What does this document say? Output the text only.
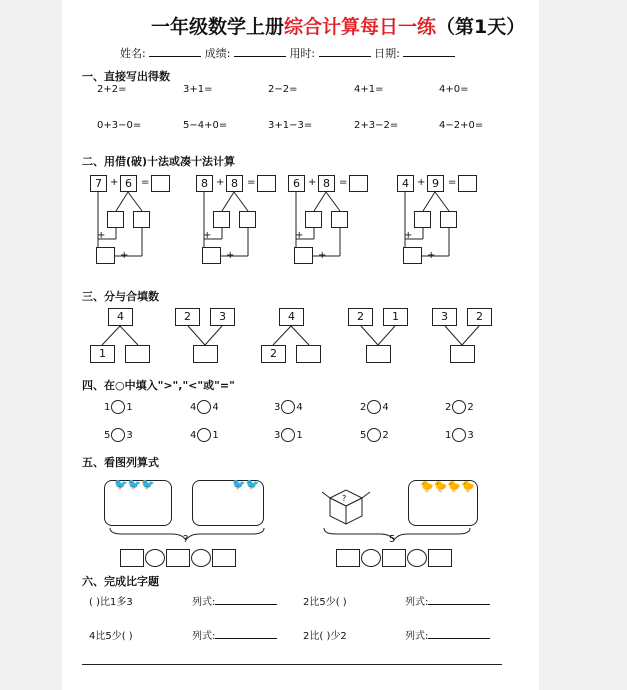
一年级数学上册综合计算每日一练（第1天）
姓名:	成绩:	用时:	日期:
一、直接写出得数
2+2=	3+1=	2−2=	4+1=	4+0=
0+3−0=	5−4+0=	3+1−3=	2+3−2=	4−2+0=
二、用借(破)十法或凑十法计算
三、分与合填数
四、在○中填入">","<"或"="
五、看图列算式
🐦🐦🐦	🐦🐦
?
🐤🐤🐤🐤
?	5
六、完成比字题
( )比1多3	列式:	2比5少( )	列式:
4比5少( )	列式:	2比( )少2	列式:
7 + 6 =
+
+
8 + 8 =
+
+
6 + 8 =
+
+
4 + 9 =
+
+
4
1
2	3	4
2
2	1	3	2
1 1	4 4	3 4	2 4	2 2
5 3	4 1	3 1	5 2	1 3
